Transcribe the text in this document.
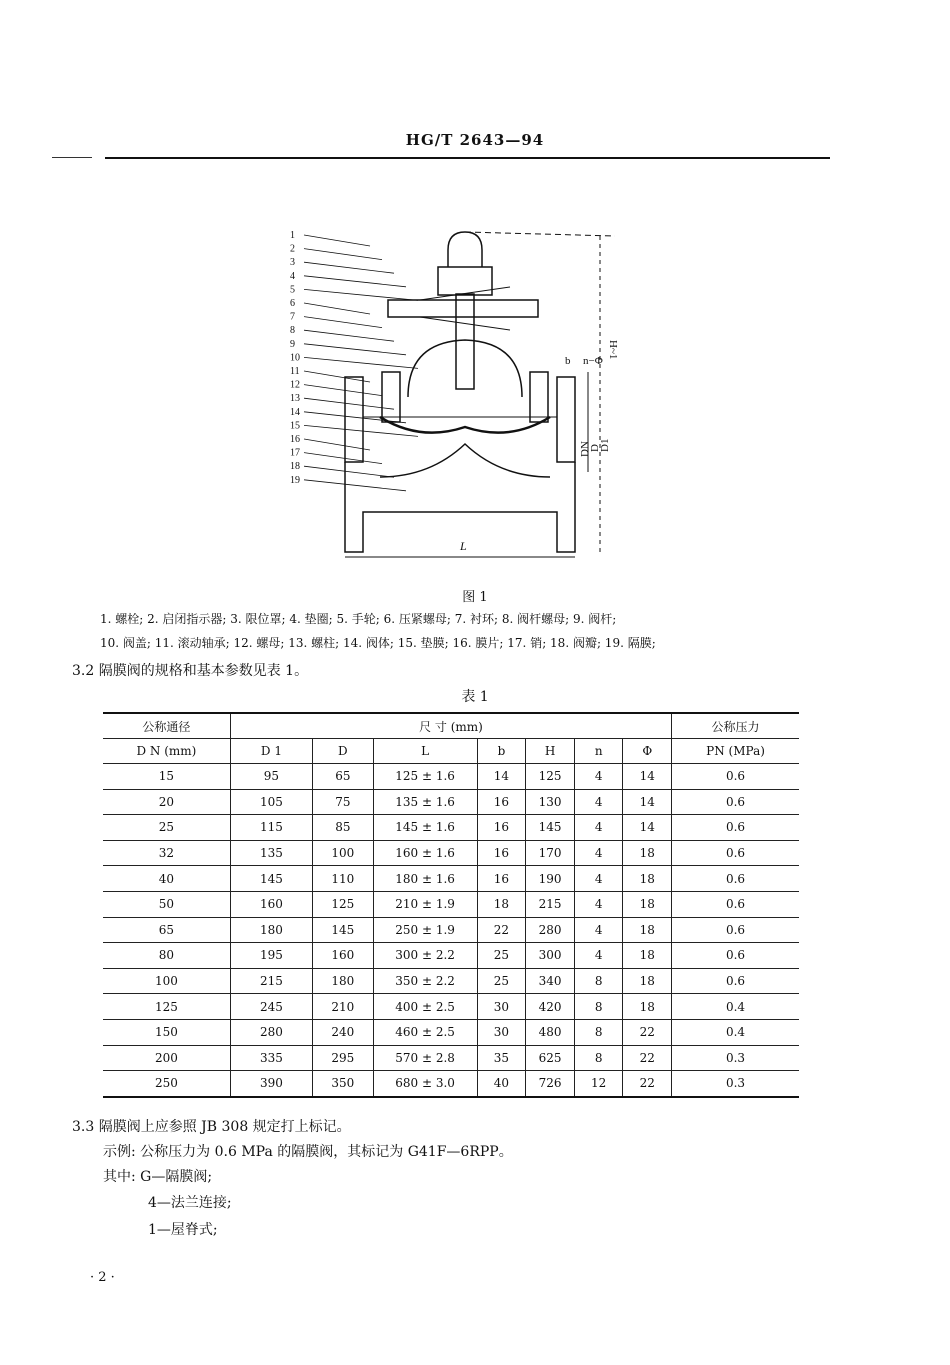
HG/T 2643—94
1
2
3
4
5
6
7
8
9
10
11
12
13
14
15
16
17
18
19
b n−Φ
H~1
DN
D
D1
L
图 1
1. 螺栓; 2. 启闭指示器; 3. 限位罩; 4. 垫圈; 5. 手轮; 6. 压紧螺母; 7. 衬环; 8. 阀杆螺母; 9. 阀杆;
10. 阀盖; 11. 滚动轴承; 12. 螺母; 13. 螺柱; 14. 阀体; 15. 垫膜; 16. 膜片; 17. 销; 18. 阀瓣; 19. 隔膜;
3.2 隔膜阀的规格和基本参数见表 1。
表 1
公称通径	尺 寸 (mm)							公称压力
D N (mm)	D 1	D	L	b	H	n	Φ	PN (MPa)
15	95	65	125 ± 1.6	14	125	4	14	0.6
20	105	75	135 ± 1.6	16	130	4	14	0.6
25	115	85	145 ± 1.6	16	145	4	14	0.6
32	135	100	160 ± 1.6	16	170	4	18	0.6
40	145	110	180 ± 1.6	16	190	4	18	0.6
50	160	125	210 ± 1.9	18	215	4	18	0.6
65	180	145	250 ± 1.9	22	280	4	18	0.6
80	195	160	300 ± 2.2	25	300	4	18	0.6
100	215	180	350 ± 2.2	25	340	8	18	0.6
125	245	210	400 ± 2.5	30	420	8	18	0.4
150	280	240	460 ± 2.5	30	480	8	22	0.4
200	335	295	570 ± 2.8	35	625	8	22	0.3
250	390	350	680 ± 3.0	40	726	12	22	0.3
3.3 隔膜阀上应参照 JB 308 规定打上标记。
示例: 公称压力为 0.6 MPa 的隔膜阀，其标记为 G41F—6RPP。
其中: G—隔膜阀;
4—法兰连接;
1—屋脊式;
· 2 ·
